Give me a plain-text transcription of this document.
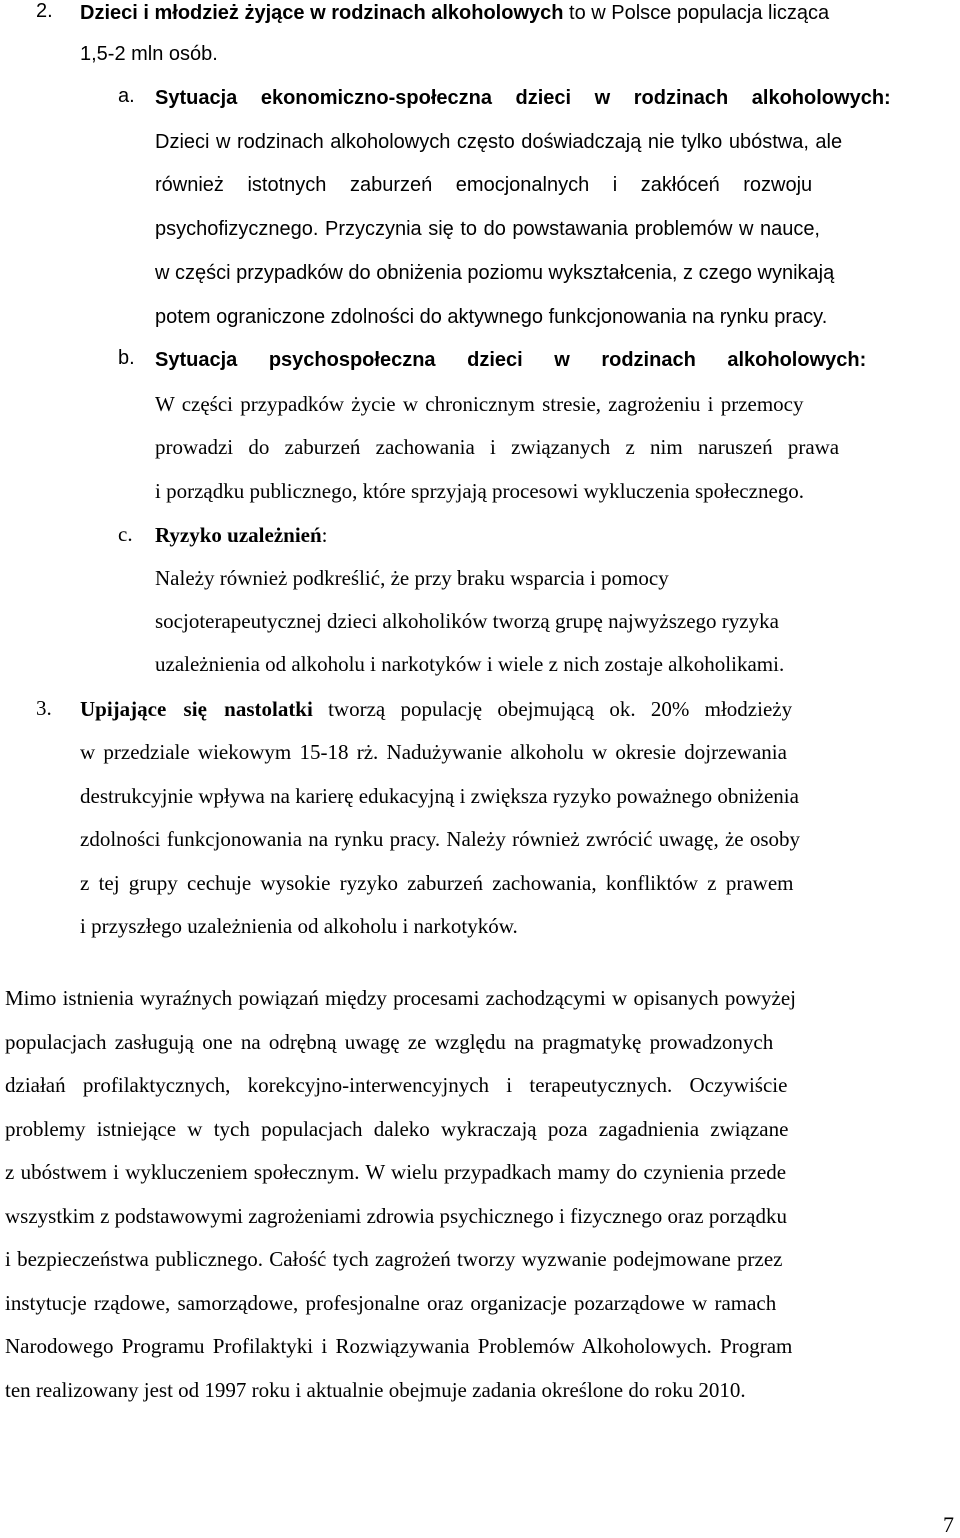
2. Dzieci i młodzież żyjące w rodzinach alkoholowych to w Polsce populacja licząca
1,5-2 mln osób.
a. Sytuacja ekonomiczno-społeczna dzieci w rodzinach alkoholowych:
Dzieci w rodzinach alkoholowych często doświadczają nie tylko ubóstwa, ale
również istotnych zaburzeń emocjonalnych i zakłóceń rozwoju
psychofizycznego. Przyczynia się to do powstawania problemów w nauce,
w części przypadków do obniżenia poziomu wykształcenia, z czego wynikają
potem ograniczone zdolności do aktywnego funkcjonowania na rynku pracy.
b. Sytuacja psychospołeczna dzieci w rodzinach alkoholowych:
W części przypadków życie w chronicznym stresie, zagrożeniu i przemocy
prowadzi do zaburzeń zachowania i związanych z nim naruszeń prawa
i porządku publicznego, które sprzyjają procesowi wykluczenia społecznego.
c. Ryzyko uzależnień :
Należy również podkreślić, że przy braku wsparcia i pomocy
socjoterapeutycznej dzieci alkoholików tworzą grupę najwyższego ryzyka
uzależnienia od alkoholu i narkotyków i wiele z nich zostaje alkoholikami.
3. Upijające się nastolatki tworzą populację obejmującą ok. 20% młodzieży
w przedziale wiekowym 15-18 rż. Nadużywanie alkoholu w okresie dojrzewania
destrukcyjnie wpływa na karierę edukacyjną i zwiększa ryzyko poważnego obniżenia
zdolności funkcjonowania na rynku pracy. Należy również zwrócić uwagę, że osoby
z tej grupy cechuje wysokie ryzyko zaburzeń zachowania, konfliktów z prawem
i przyszłego uzależnienia od alkoholu i narkotyków.
Mimo istnienia wyraźnych powiązań między procesami zachodzącymi w opisanych powyżej
populacjach zasługują one na odrębną uwagę ze względu na pragmatykę prowadzonych
działań profilaktycznych, korekcyjno-interwencyjnych i terapeutycznych. Oczywiście
problemy istniejące w tych populacjach daleko wykraczają poza zagadnienia związane
z ubóstwem i wykluczeniem społecznym. W wielu przypadkach mamy do czynienia przede
wszystkim z podstawowymi zagrożeniami zdrowia psychicznego i fizycznego oraz porządku
i bezpieczeństwa publicznego. Całość tych zagrożeń tworzy wyzwanie podejmowane przez
instytucje rządowe, samorządowe, profesjonalne oraz organizacje pozarządowe w ramach
Narodowego Programu Profilaktyki i Rozwiązywania Problemów Alkoholowych. Program
ten realizowany jest od 1997 roku i aktualnie obejmuje zadania określone do roku 2010.
7
